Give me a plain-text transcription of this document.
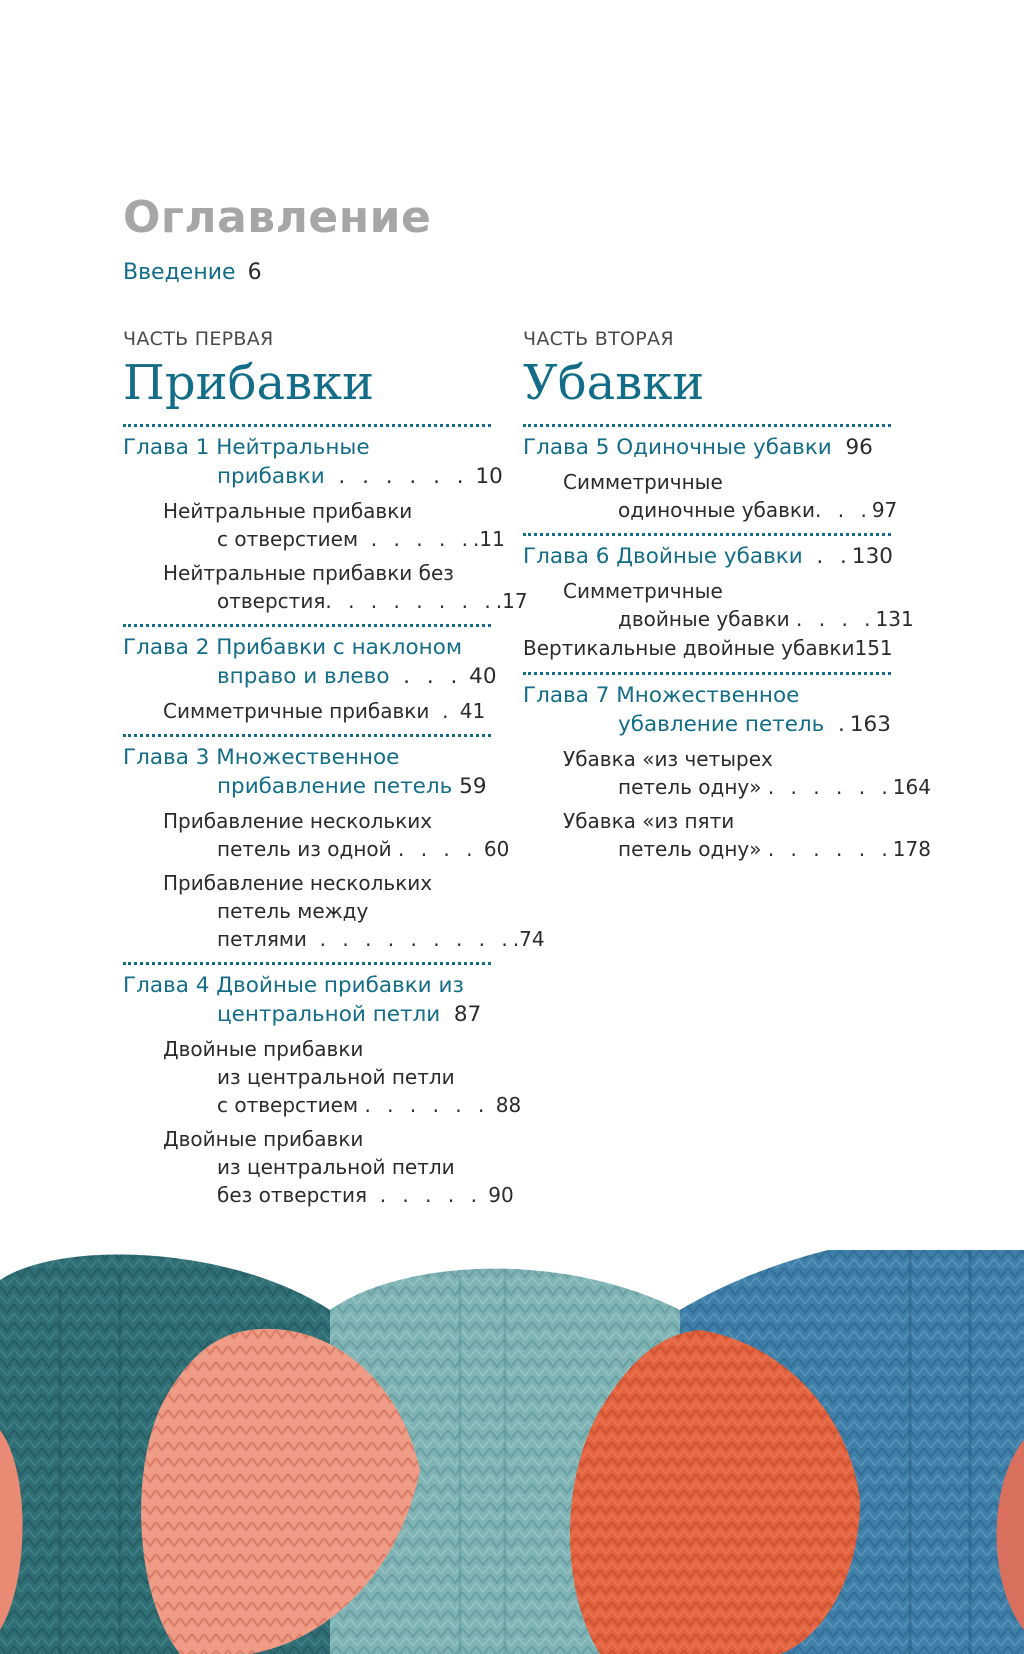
Оглавление
Введение 6
ЧАСТЬ ПЕРВАЯ
Прибавки
Глава 1 Нейтральные
прибавки . . . . . . 10
Нейтральные прибавки
с отверстием . . . . ..11
Нейтральные прибавки без
отверстия. . . . . . . ..17
Глава 2 Прибавки с наклоном
вправо и влево . . . 40
Симметричные прибавки . 41
Глава 3 Множественное
прибавление петель 59
Прибавление нескольких
петель из одной . . . . 60
Прибавление нескольких
петель между
петлями . . . . . . . . ..74
Глава 4 Двойные прибавки из
центральной петли 87
Двойные прибавки
из центральной петли
с отверстием . . . . . . 88
Двойные прибавки
из центральной петли
без отверстия . . . . . 90
ЧАСТЬ ВТОРАЯ
Убавки
Глава 5 Одиночные убавки 96
Симметричные
одиночные убавки. . .97
Глава 6 Двойные убавки . .130
Симметричные
двойные убавки . . . .131
Вертикальные двойные убавки151
Глава 7 Множественное
убавление петель .163
Убавка «из четырех
петель одну» . . . . . .164
Убавка «из пяти
петель одну» . . . . . .178
